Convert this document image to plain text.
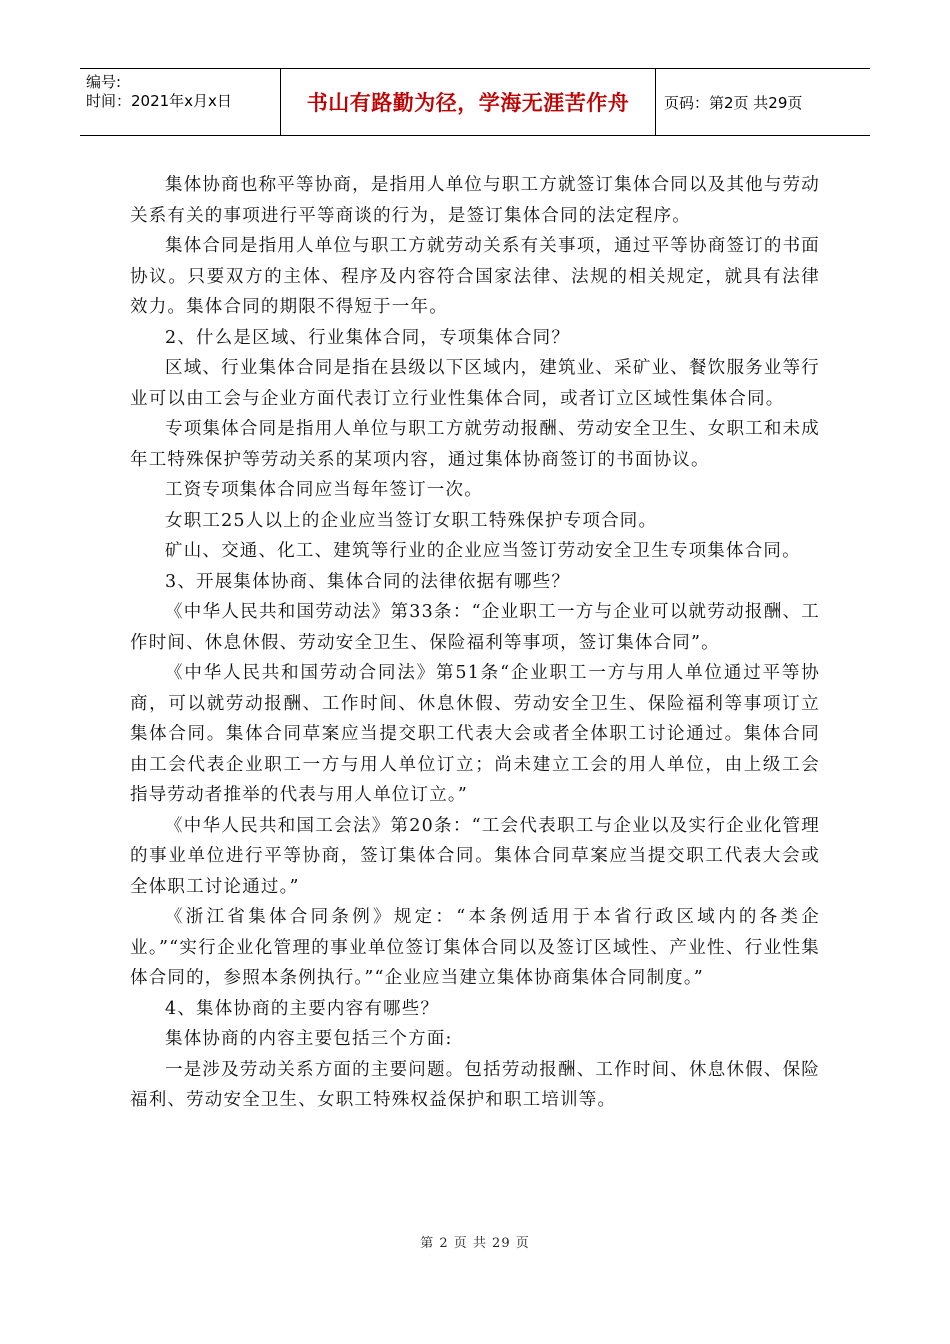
编号:
时间：2021年x月x日	书山有路勤为径，学海无涯苦作舟	页码：第2页 共29页

集体协商也称平等协商，是指用人单位与职工方就签订集体合同以及其他与劳动关系有关的事项进行平等商谈的行为，是签订集体合同的法定程序。

集体合同是指用人单位与职工方就劳动关系有关事项，通过平等协商签订的书面协议。只要双方的主体、程序及内容符合国家法律、法规的相关规定，就具有法律效力。集体合同的期限不得短于一年。

2、什么是区域、行业集体合同，专项集体合同？

区域、行业集体合同是指在县级以下区域内，建筑业、采矿业、餐饮服务业等行业可以由工会与企业方面代表订立行业性集体合同，或者订立区域性集体合同。

专项集体合同是指用人单位与职工方就劳动报酬、劳动安全卫生、女职工和未成年工特殊保护等劳动关系的某项内容，通过集体协商签订的书面协议。

工资专项集体合同应当每年签订一次。

女职工25人以上的企业应当签订女职工特殊保护专项合同。

矿山、交通、化工、建筑等行业的企业应当签订劳动安全卫生专项集体合同。

3、开展集体协商、集体合同的法律依据有哪些？

《中华人民共和国劳动法》第33条：“企业职工一方与企业可以就劳动报酬、工作时间、休息休假、劳动安全卫生、保险福利等事项，签订集体合同”。

《中华人民共和国劳动合同法》第51条“企业职工一方与用人单位通过平等协商，可以就劳动报酬、工作时间、休息休假、劳动安全卫生、保险福利等事项订立集体合同。集体合同草案应当提交职工代表大会或者全体职工讨论通过。集体合同由工会代表企业职工一方与用人单位订立；尚未建立工会的用人单位，由上级工会指导劳动者推举的代表与用人单位订立。”

《中华人民共和国工会法》第20条：“工会代表职工与企业以及实行企业化管理的事业单位进行平等协商，签订集体合同。集体合同草案应当提交职工代表大会或全体职工讨论通过。”

《浙江省集体合同条例》规定：“本条例适用于本省行政区域内的各类企业。”“实行企业化管理的事业单位签订集体合同以及签订区域性、产业性、行业性集体合同的，参照本条例执行。”“企业应当建立集体协商集体合同制度。”

4、集体协商的主要内容有哪些？

集体协商的内容主要包括三个方面:

一是涉及劳动关系方面的主要问题。包括劳动报酬、工作时间、休息休假、保险福利、劳动安全卫生、女职工特殊权益保护和职工培训等。

第 2 页 共 29 页
